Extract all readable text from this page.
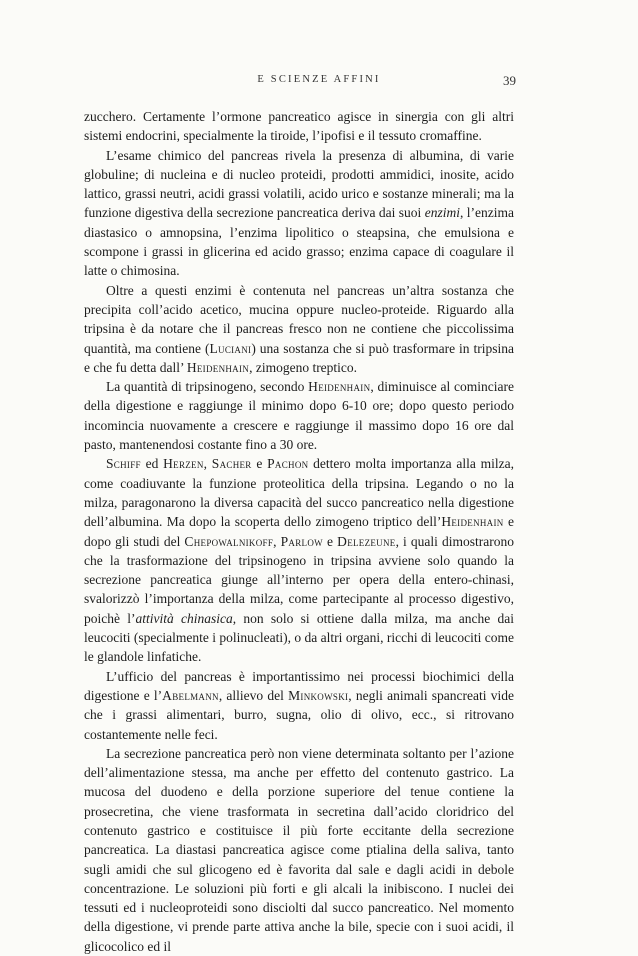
E SCIENZE AFFINI	39

zucchero. Certamente l’ormone pancreatico agisce in sinergia con gli altri sistemi endocrini, specialmente la tiroide, l’ipofisi e il tessuto cromaffine.

L’esame chimico del pancreas rivela la presenza di albumina, di varie globuline; di nucleina e di nucleo proteidi, prodotti ammidici, inosite, acido lattico, grassi neutri, acidi grassi volatili, acido urico e sostanze minerali; ma la funzione digestiva della secrezione pancreatica deriva dai suoi enzimi, l’enzima diastasico o amnopsina, l’enzima lipolitico o steapsina, che emulsiona e scompone i grassi in glicerina ed acido grasso; enzima capace di coagulare il latte o chimosina.

Oltre a questi enzimi è contenuta nel pancreas un’altra sostanza che precipita coll’acido acetico, mucina oppure nucleo-proteide. Riguardo alla tripsina è da notare che il pancreas fresco non ne contiene che piccolissima quantità, ma contiene (Luciani) una sostanza che si può trasformare in tripsina e che fu detta dall’ Heidenhain, zimogeno treptico.

La quantità di tripsinogeno, secondo Heidenhain, diminuisce al cominciare della digestione e raggiunge il minimo dopo 6-10 ore; dopo questo periodo incomincia nuovamente a crescere e raggiunge il massimo dopo 16 ore dal pasto, mantenendosi costante fino a 30 ore.

Schiff ed Herzen, Sacher e Pachon dettero molta importanza alla milza, come coadiuvante la funzione proteolitica della tripsina. Legando o no la milza, paragonarono la diversa capacità del succo pancreatico nella digestione dell’albumina. Ma dopo la scoperta dello zimogeno triptico dell’Heidenhain e dopo gli studi del Chepowalnikoff, Parlow e Delezeune, i quali dimostrarono che la trasformazione del tripsinogeno in tripsina avviene solo quando la secrezione pancreatica giunge all’interno per opera della entero-chinasi, svalorizzò l’importanza della milza, come partecipante al processo digestivo, poichè l’attività chinasica, non solo si ottiene dalla milza, ma anche dai leucociti (specialmente i polinucleati), o da altri organi, ricchi di leucociti come le glandole linfatiche.

L’ufficio del pancreas è importantissimo nei processi biochimici della digestione e l’Abelmann, allievo del Minkowski, negli animali spancreati vide che i grassi alimentari, burro, sugna, olio di olivo, ecc., si ritrovano costantemente nelle feci.

La secrezione pancreatica però non viene determinata soltanto per l’azione dell’alimentazione stessa, ma anche per effetto del contenuto gastrico. La mucosa del duodeno e della porzione superiore del tenue contiene la prosecretina, che viene trasformata in secretina dall’acido cloridrico del contenuto gastrico e costituisce il più forte eccitante della secrezione pancreatica. La diastasi pancreatica agisce come ptialina della saliva, tanto sugli amidi che sul glicogeno ed è favorita dal sale e dagli acidi in debole concentrazione. Le soluzioni più forti e gli alcali la inibiscono. I nuclei dei tessuti ed i nucleoproteidi sono disciolti dal succo pancreatico. Nel momento della digestione, vi prende parte attiva anche la bile, specie con i suoi acidi, il glicocolico ed il
